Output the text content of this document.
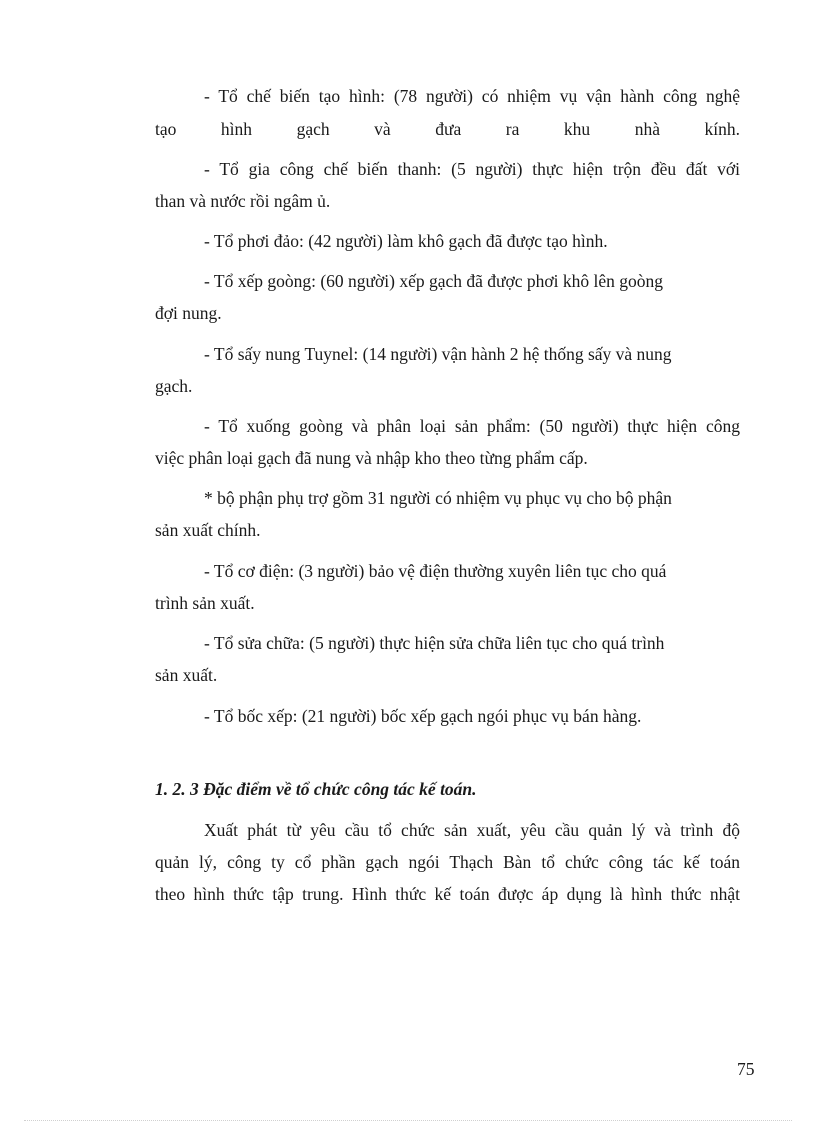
- Tổ chế biến tạo hình: (78 người) có nhiệm vụ vận hành công nghệ
tạo hình gạch và đưa ra khu nhà kính.
- Tổ gia công chế biến thanh: (5 người) thực hiện trộn đều đất với
than và nước rồi ngâm ủ.
- Tổ phơi đảo: (42 người) làm khô gạch đã được tạo hình.
- Tổ xếp goòng: (60 người) xếp gạch đã được phơi khô lên goòng
đợi nung.
- Tổ sấy nung Tuynel: (14 người) vận hành 2 hệ thống sấy và nung
gạch.
- Tổ xuống goòng và phân loại sản phẩm: (50 người) thực hiện công
việc phân loại gạch đã nung và nhập kho theo từng phẩm cấp.
* bộ phận phụ trợ gồm 31 người có nhiệm vụ phục vụ cho bộ phận
sản xuất chính.
- Tổ cơ điện: (3 người) bảo vệ điện thường xuyên liên tục cho quá
trình sản xuất.
- Tổ sửa chữa: (5 người) thực hiện sửa chữa liên tục cho quá trình
sản xuất.
- Tổ bốc xếp: (21 người) bốc xếp gạch ngói phục vụ bán hàng.
1. 2. 3 Đặc điểm về tổ chức công tác kế toán.
Xuất phát từ yêu cầu tổ chức sản xuất, yêu cầu quản lý và trình độ
quản lý, công ty cổ phần gạch ngói Thạch Bàn tổ chức công tác kế toán
theo hình thức tập trung. Hình thức kế toán được áp dụng là hình thức nhật
75
